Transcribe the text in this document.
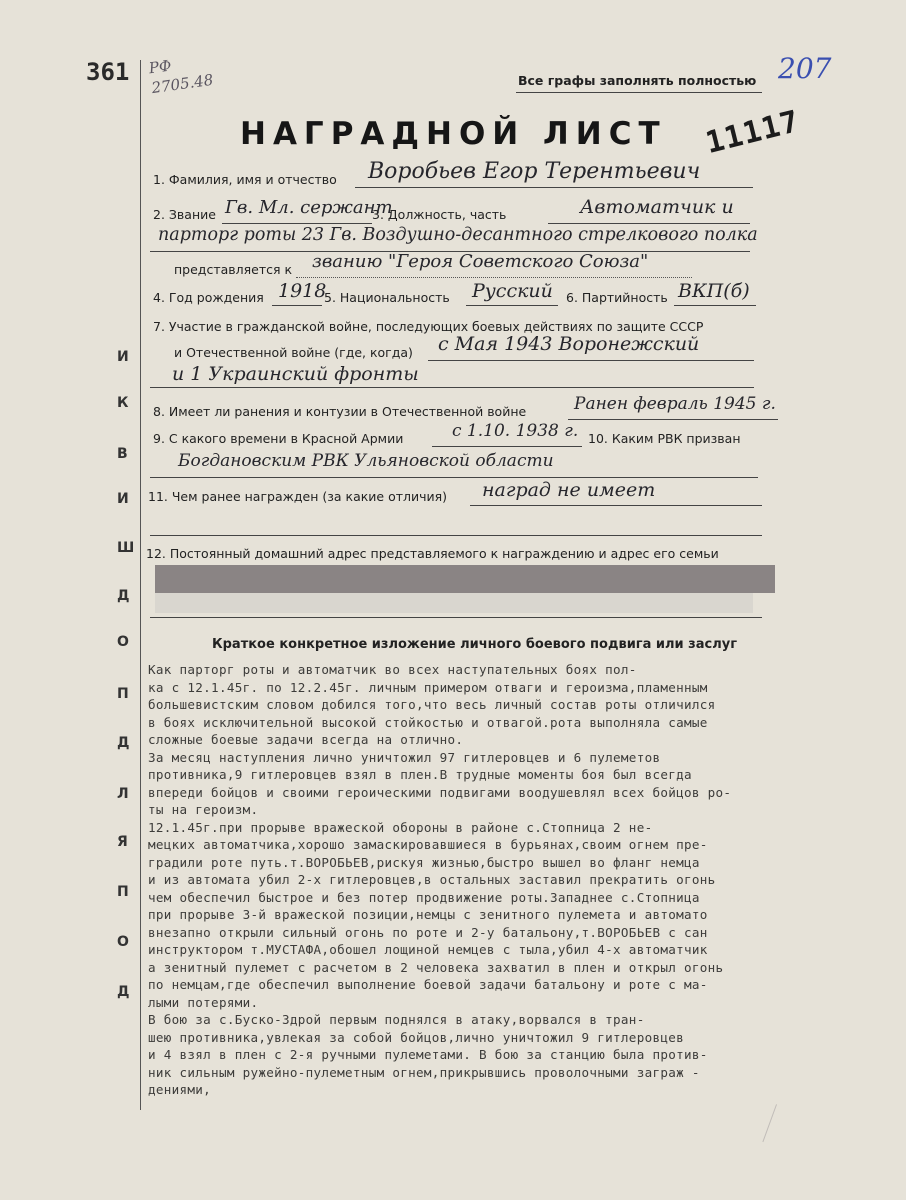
361 РФ
2705.48	Все графы заполнять полностью 207
11117
НАГРАДНОЙ ЛИСТ
И
К
В
И
Ш
Д
О
П
Д
Л
Я
П
О
Д
1. Фамилия, имя и отчество Воробьев Егор Терентьевич
2. Звание Гв. Мл. сержант
3. Должность, часть	Автоматчик и
парторг роты 23 Гв. Воздушно-десантного стрелкового полка
представляется к званию "Героя Советского Союза"
4. Год рождения 1918
5. Национальность Русский 6. Партийность ВКП(б)
7. Участие в гражданской войне, последующих боевых действиях по защите СССР
и Отечественной войне (где, когда) с Мая 1943 Воронежский
и 1 Украинский фронты
8. Имеет ли ранения и контузии в Отечественной войне	Ранен февраль 1945 г.
9. С какого времени в Красной Армии	с 1.10. 1938 г. 10. Каким РВК призван
Богдановским РВК Ульяновской области
11. Чем ранее награжден (за какие отличия) наград не имеет
12. Постоянный домашний адрес представляемого к награждению и адрес его семьи
Краткое конкретное изложение личного боевого подвига или заслуг
Как парторг роты и автоматчик во всех наступательных боях пол-
ка с 12.1.45г. по 12.2.45г. личным примером отваги и героизма,пламенным
большевистским словом добился того,что весь личный состав роты отличился
в боях исключительной высокой стойкостью и отвагой.рота выполняла самые
сложные боевые задачи всегда на отлично.
За месяц наступления лично уничтожил 97 гитлеровцев и 6 пулеметов
противника,9 гитлеровцев взял в плен.В трудные моменты боя был всегда
впереди бойцов и своими героическими подвигами воодушевлял всех бойцов ро-
ты на героизм.
12.1.45г.при прорыве вражеской обороны в районе с.Стопница 2 не-
мецких автоматчика,хорошо замаскировавшиеся в бурьянах,своим огнем пре-
градили роте путь.т.ВОРОБЬЕВ,рискуя жизнью,быстро вышел во фланг немца
и из автомата убил 2-х гитлеровцев,в остальных заставил прекратить огонь
чем обеспечил быстрое и без потер продвижение роты.Западнее с.Стопница
при прорыве 3-й вражеской позиции,немцы с зенитного пулемета и автомато
внезапно открыли сильный огонь по роте и 2-у батальону,т.ВОРОБЬЕВ с сан
инструктором т.МУСТАФА,обошел лощиной немцев с тыла,убил 4-х автоматчик
а зенитный пулемет с расчетом в 2 человека захватил в плен и открыл огонь
по немцам,где обеспечил выполнение боевой задачи батальону и роте с ма-
лыми потерями.
В бою за с.Буско-Здрой первым поднялся в атаку,ворвался в тран-
шею противника,увлекая за собой бойцов,лично уничтожил 9 гитлеровцев
и 4 взял в плен с 2-я ручными пулеметами. В бою за станцию была против-
ник сильным ружейно-пулеметным огнем,прикрывшись проволочными заграж -
дениями,
